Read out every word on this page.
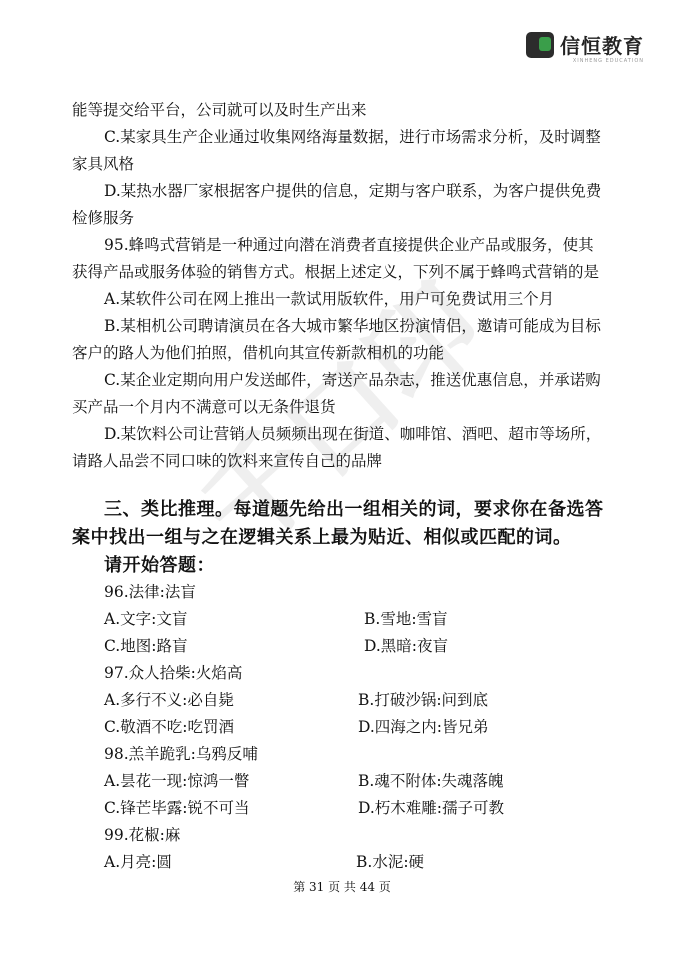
信恒教育
XINHENG EDUCATION
千口印
能等提交给平台，公司就可以及时生产出来
C.某家具生产企业通过收集网络海量数据，进行市场需求分析，及时调整
家具风格
D.某热水器厂家根据客户提供的信息，定期与客户联系，为客户提供免费
检修服务
95.蜂鸣式营销是一种通过向潜在消费者直接提供企业产品或服务，使其
获得产品或服务体验的销售方式。根据上述定义，下列不属于蜂鸣式营销的是
A.某软件公司在网上推出一款试用版软件，用户可免费试用三个月
B.某相机公司聘请演员在各大城市繁华地区扮演情侣，邀请可能成为目标
客户的路人为他们拍照，借机向其宣传新款相机的功能
C.某企业定期向用户发送邮件，寄送产品杂志，推送优惠信息，并承诺购
买产品一个月内不满意可以无条件退货
D.某饮料公司让营销人员频频出现在街道、咖啡馆、酒吧、超市等场所，
请路人品尝不同口味的饮料来宣传自己的品牌
三、类比推理。每道题先给出一组相关的词，要求你在备选答
案中找出一组与之在逻辑关系上最为贴近、相似或匹配的词。
请开始答题：
96.法律:法盲
A.文字:文盲	B.雪地:雪盲
C.地图:路盲	D.黑暗:夜盲
97.众人拾柴:火焰高
A.多行不义:必自毙	B.打破沙锅:问到底
C.敬酒不吃:吃罚酒	D.四海之内:皆兄弟
98.羔羊跪乳:乌鸦反哺
A.昙花一现:惊鸿一瞥	B.魂不附体:失魂落魄
C.锋芒毕露:锐不可当	D.朽木难雕:孺子可教
99.花椒:麻
A.月亮:圆	B.水泥:硬
第 31 页 共 44 页
